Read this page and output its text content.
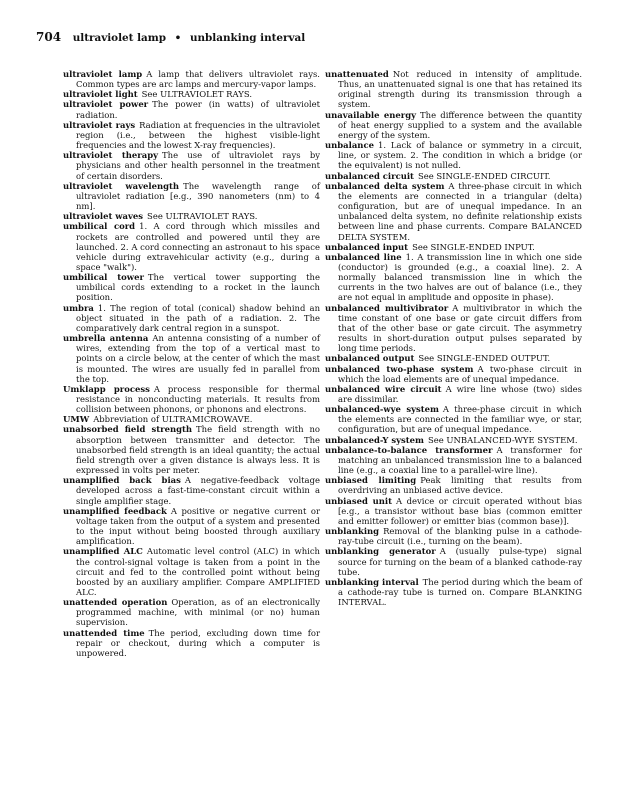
704 ultraviolet lamp • unblanking interval

ultraviolet lamp A lamp that delivers ultraviolet rays. Common types are arc lamps and mercury-vapor lamps.

ultraviolet light See ULTRAVIOLET RAYS.

ultraviolet power The power (in watts) of ultraviolet radiation.

ultraviolet rays Radiation at frequencies in the ultraviolet region (i.e., between the highest visible-light frequencies and the lowest X-ray frequencies).

ultraviolet therapy The use of ultraviolet rays by physicians and other health personnel in the treatment of certain disorders.

ultraviolet wavelength The wavelength range of ultraviolet radiation [e.g., 390 nanometers (nm) to 4 nm].

ultraviolet waves See ULTRAVIOLET RAYS.

umbilical cord 1. A cord through which missiles and rockets are controlled and powered until they are launched. 2. A cord connecting an astronaut to his space vehicle during extravehicular activity (e.g., during a space "walk").

umbilical tower The vertical tower supporting the umbilical cords extending to a rocket in the launch position.

umbra 1. The region of total (conical) shadow behind an object situated in the path of a radiation. 2. The comparatively dark central region in a sunspot.

umbrella antenna An antenna consisting of a number of wires, extending from the top of a vertical mast to points on a circle below, at the center of which the mast is mounted. The wires are usually fed in parallel from the top.

Umklapp process A process responsible for thermal resistance in nonconducting materials. It results from collision between phonons, or phonons and electrons.

UMW Abbreviation of ULTRAMICROWAVE.

unabsorbed field strength The field strength with no absorption between transmitter and detector. The unabsorbed field strength is an ideal quantity; the actual field strength over a given distance is always less. It is expressed in volts per meter.

unamplified back bias A negative-feedback voltage developed across a fast-time-constant circuit within a single amplifier stage.

unamplified feedback A positive or negative current or voltage taken from the output of a system and presented to the input without being boosted through auxiliary amplification.

unamplified ALC Automatic level control (ALC) in which the control-signal voltage is taken from a point in the circuit and fed to the controlled point without being boosted by an auxiliary amplifier. Compare AMPLIFIED ALC.

unattended operation Operation, as of an electronically programmed machine, with minimal (or no) human supervision.

unattended time The period, excluding down time for repair or checkout, during which a computer is unpowered.

unattenuated Not reduced in intensity of amplitude. Thus, an unattenuated signal is one that has retained its original strength during its transmission through a system.

unavailable energy The difference between the quantity of heat energy supplied to a system and the available energy of the system.

unbalance 1. Lack of balance or symmetry in a circuit, line, or system. 2. The condition in which a bridge (or the equivalent) is not nulled.

unbalanced circuit See SINGLE-ENDED CIRCUIT.

unbalanced delta system A three-phase circuit in which the elements are connected in a triangular (delta) configuration, but are of unequal impedance. In an unbalanced delta system, no definite relationship exists between line and phase currents. Compare BALANCED DELTA SYSTEM.

unbalanced input See SINGLE-ENDED INPUT.

unbalanced line 1. A transmission line in which one side (conductor) is grounded (e.g., a coaxial line). 2. A normally balanced transmission line in which the currents in the two halves are out of balance (i.e., they are not equal in amplitude and opposite in phase).

unbalanced multivibrator A multivibrator in which the time constant of one base or gate circuit differs from that of the other base or gate circuit. The asymmetry results in short-duration output pulses separated by long time periods.

unbalanced output See SINGLE-ENDED OUTPUT.

unbalanced two-phase system A two-phase circuit in which the load elements are of unequal impedance.

unbalanced wire circuit A wire line whose (two) sides are dissimilar.

unbalanced-wye system A three-phase circuit in which the elements are connected in the familiar wye, or star, configuration, but are of unequal impedance.

unbalanced-Y system See UNBALANCED-WYE SYSTEM.

unbalance-to-balance transformer A transformer for matching an unbalanced transmission line to a balanced line (e.g., a coaxial line to a parallel-wire line).

unbiased limiting Peak limiting that results from overdriving an unbiased active device.

unbiased unit A device or circuit operated without bias [e.g., a transistor without base bias (common emitter and emitter follower) or emitter bias (common base)].

unblanking Removal of the blanking pulse in a cathode-ray-tube circuit (i.e., turning on the beam).

unblanking generator A (usually pulse-type) signal source for turning on the beam of a blanked cathode-ray tube.

unblanking interval The period during which the beam of a cathode-ray tube is turned on. Compare BLANKING INTERVAL.
